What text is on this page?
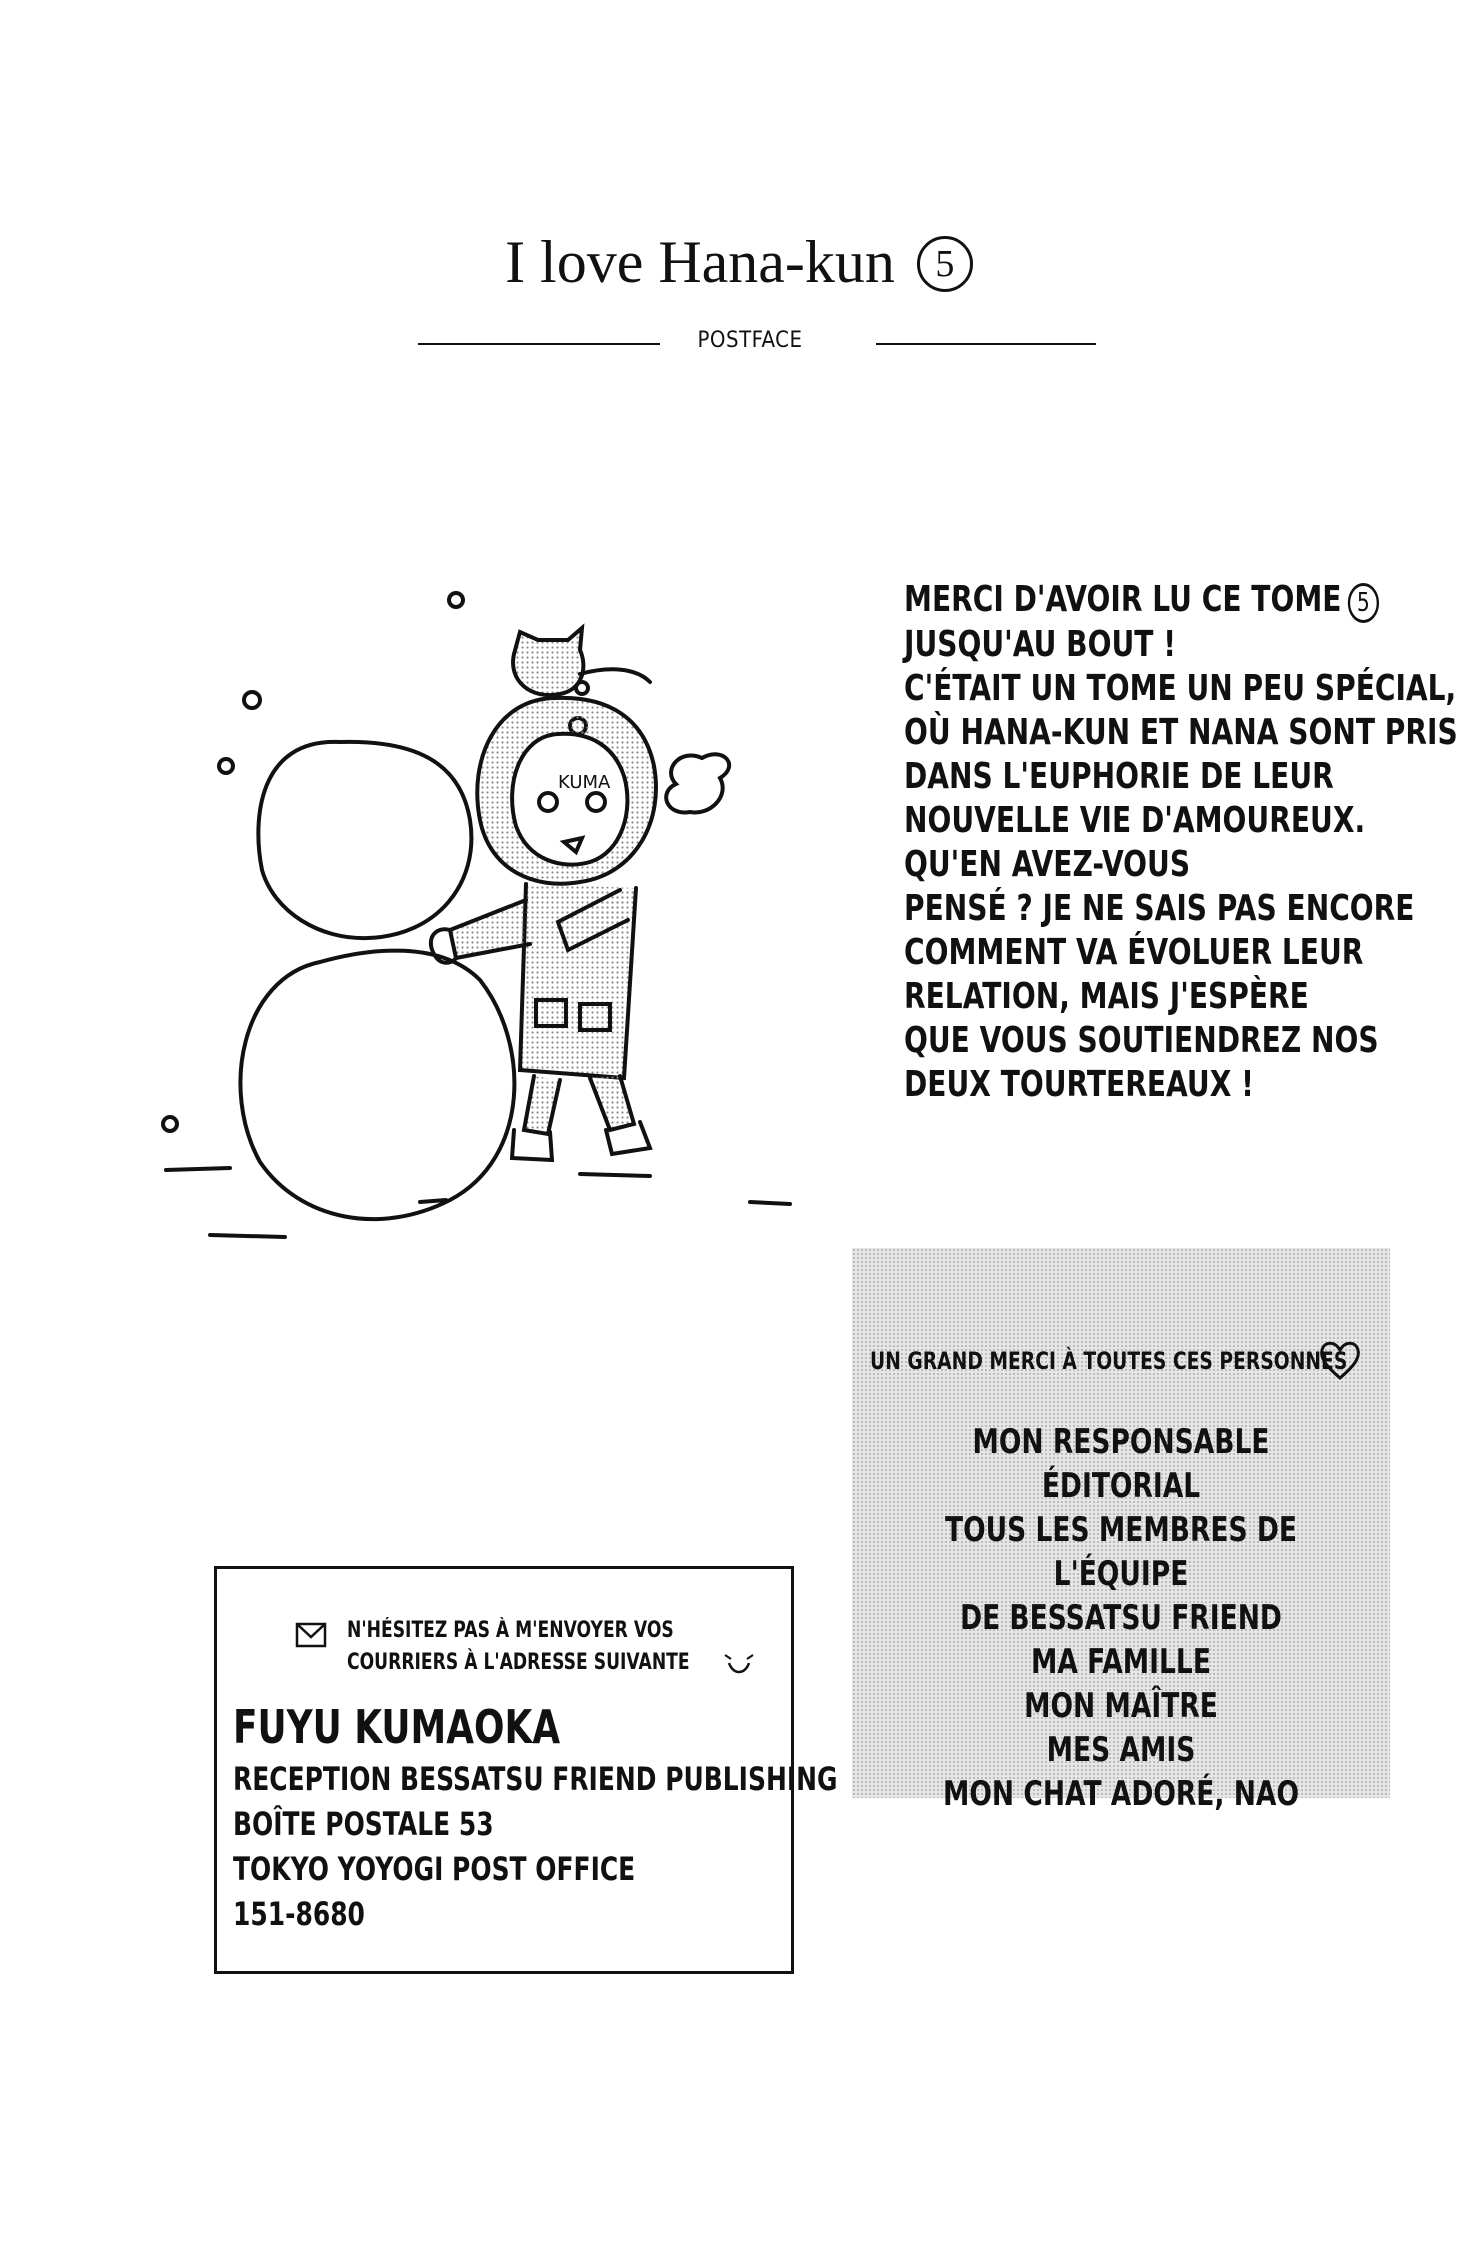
I love Hana-kun 5
POSTFACE
KUMA
MERCI D'AVOIR LU CE TOME 5
JUSQU'AU BOUT !
C'ÉTAIT UN TOME UN PEU SPÉCIAL,
OÙ HANA-KUN ET NANA SONT PRIS
DANS L'EUPHORIE DE LEUR
NOUVELLE VIE D'AMOUREUX.
QU'EN AVEZ-VOUS
PENSÉ ? JE NE SAIS PAS ENCORE
COMMENT VA ÉVOLUER LEUR
RELATION, MAIS J'ESPÈRE
QUE VOUS SOUTIENDREZ NOS
DEUX TOURTEREAUX !
UN GRAND MERCI À TOUTES CES PERSONNES
MON RESPONSABLE ÉDITORIAL
TOUS LES MEMBRES DE L'ÉQUIPE
DE BESSATSU FRIEND
MA FAMILLE
MON MAÎTRE
MES AMIS
MON CHAT ADORÉ, NAO
N'HÉSITEZ PAS À M'ENVOYER VOS
COURRIERS À L'ADRESSE SUIVANTE
FUYU KUMAOKA
RECEPTION BESSATSU FRIEND PUBLISHING
BOÎTE POSTALE 53
TOKYO YOYOGI POST OFFICE
151-8680
